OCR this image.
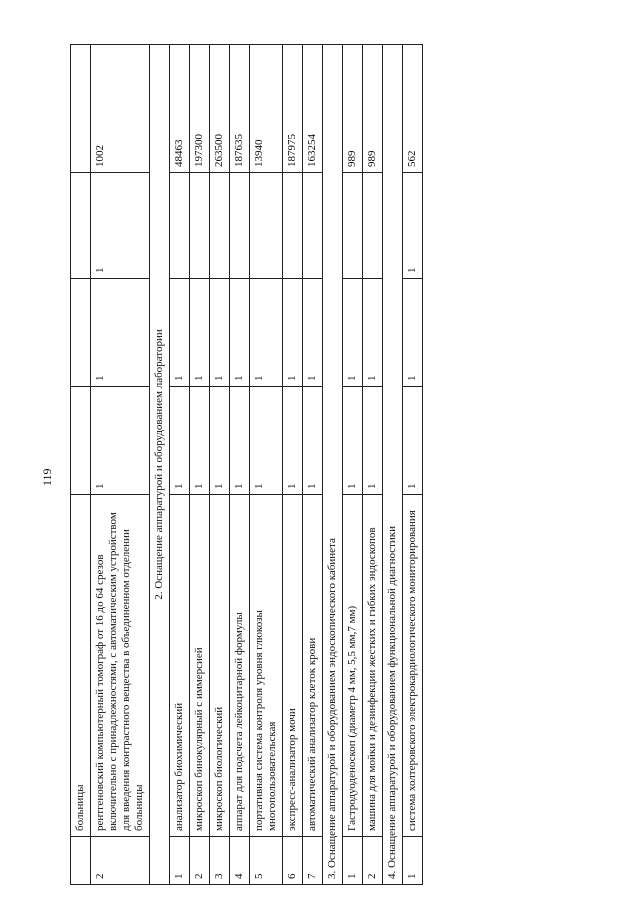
119
	больницы				
2	рентгеновский компьютерный томограф от 16 до 64 срезов включительно с принадлежностями, с автоматическим устройством для введения контрастного вещества в объединенном отделении больницы	1	1	1	1002
2. Оснащение аппаратурой и оборудованием лаборатории					
1	анализатор биохимический	1	1		48463
2	микроскоп бинокулярный с иммерсией	1	1		197300
3	микроскоп биологический	1	1		263500
4	аппарат для подсчета лейкоцитарной формулы	1	1		187635
5	портативная система контроля уровня глюкозы многопользовательская	1	1		13940
6	экспресс-анализатор мочи	1	1		187975
7	автоматический анализатор клеток крови	1	1		163254
3. Оснащение аппаратурой и оборудованием эндоскопического кабинета					
1	Гастродуоденоскоп (диаметр 4 мм, 5,5 мм,7 мм)	1	1		989
2	машина для мойки и дезинфекции жестких и гибких эндоскопов	1	1		989
4. Оснащение аппаратурой и оборудованием функциональной диагностики					
1	система холтеровского электрокардиологического мониторирования	1	1	1	562
